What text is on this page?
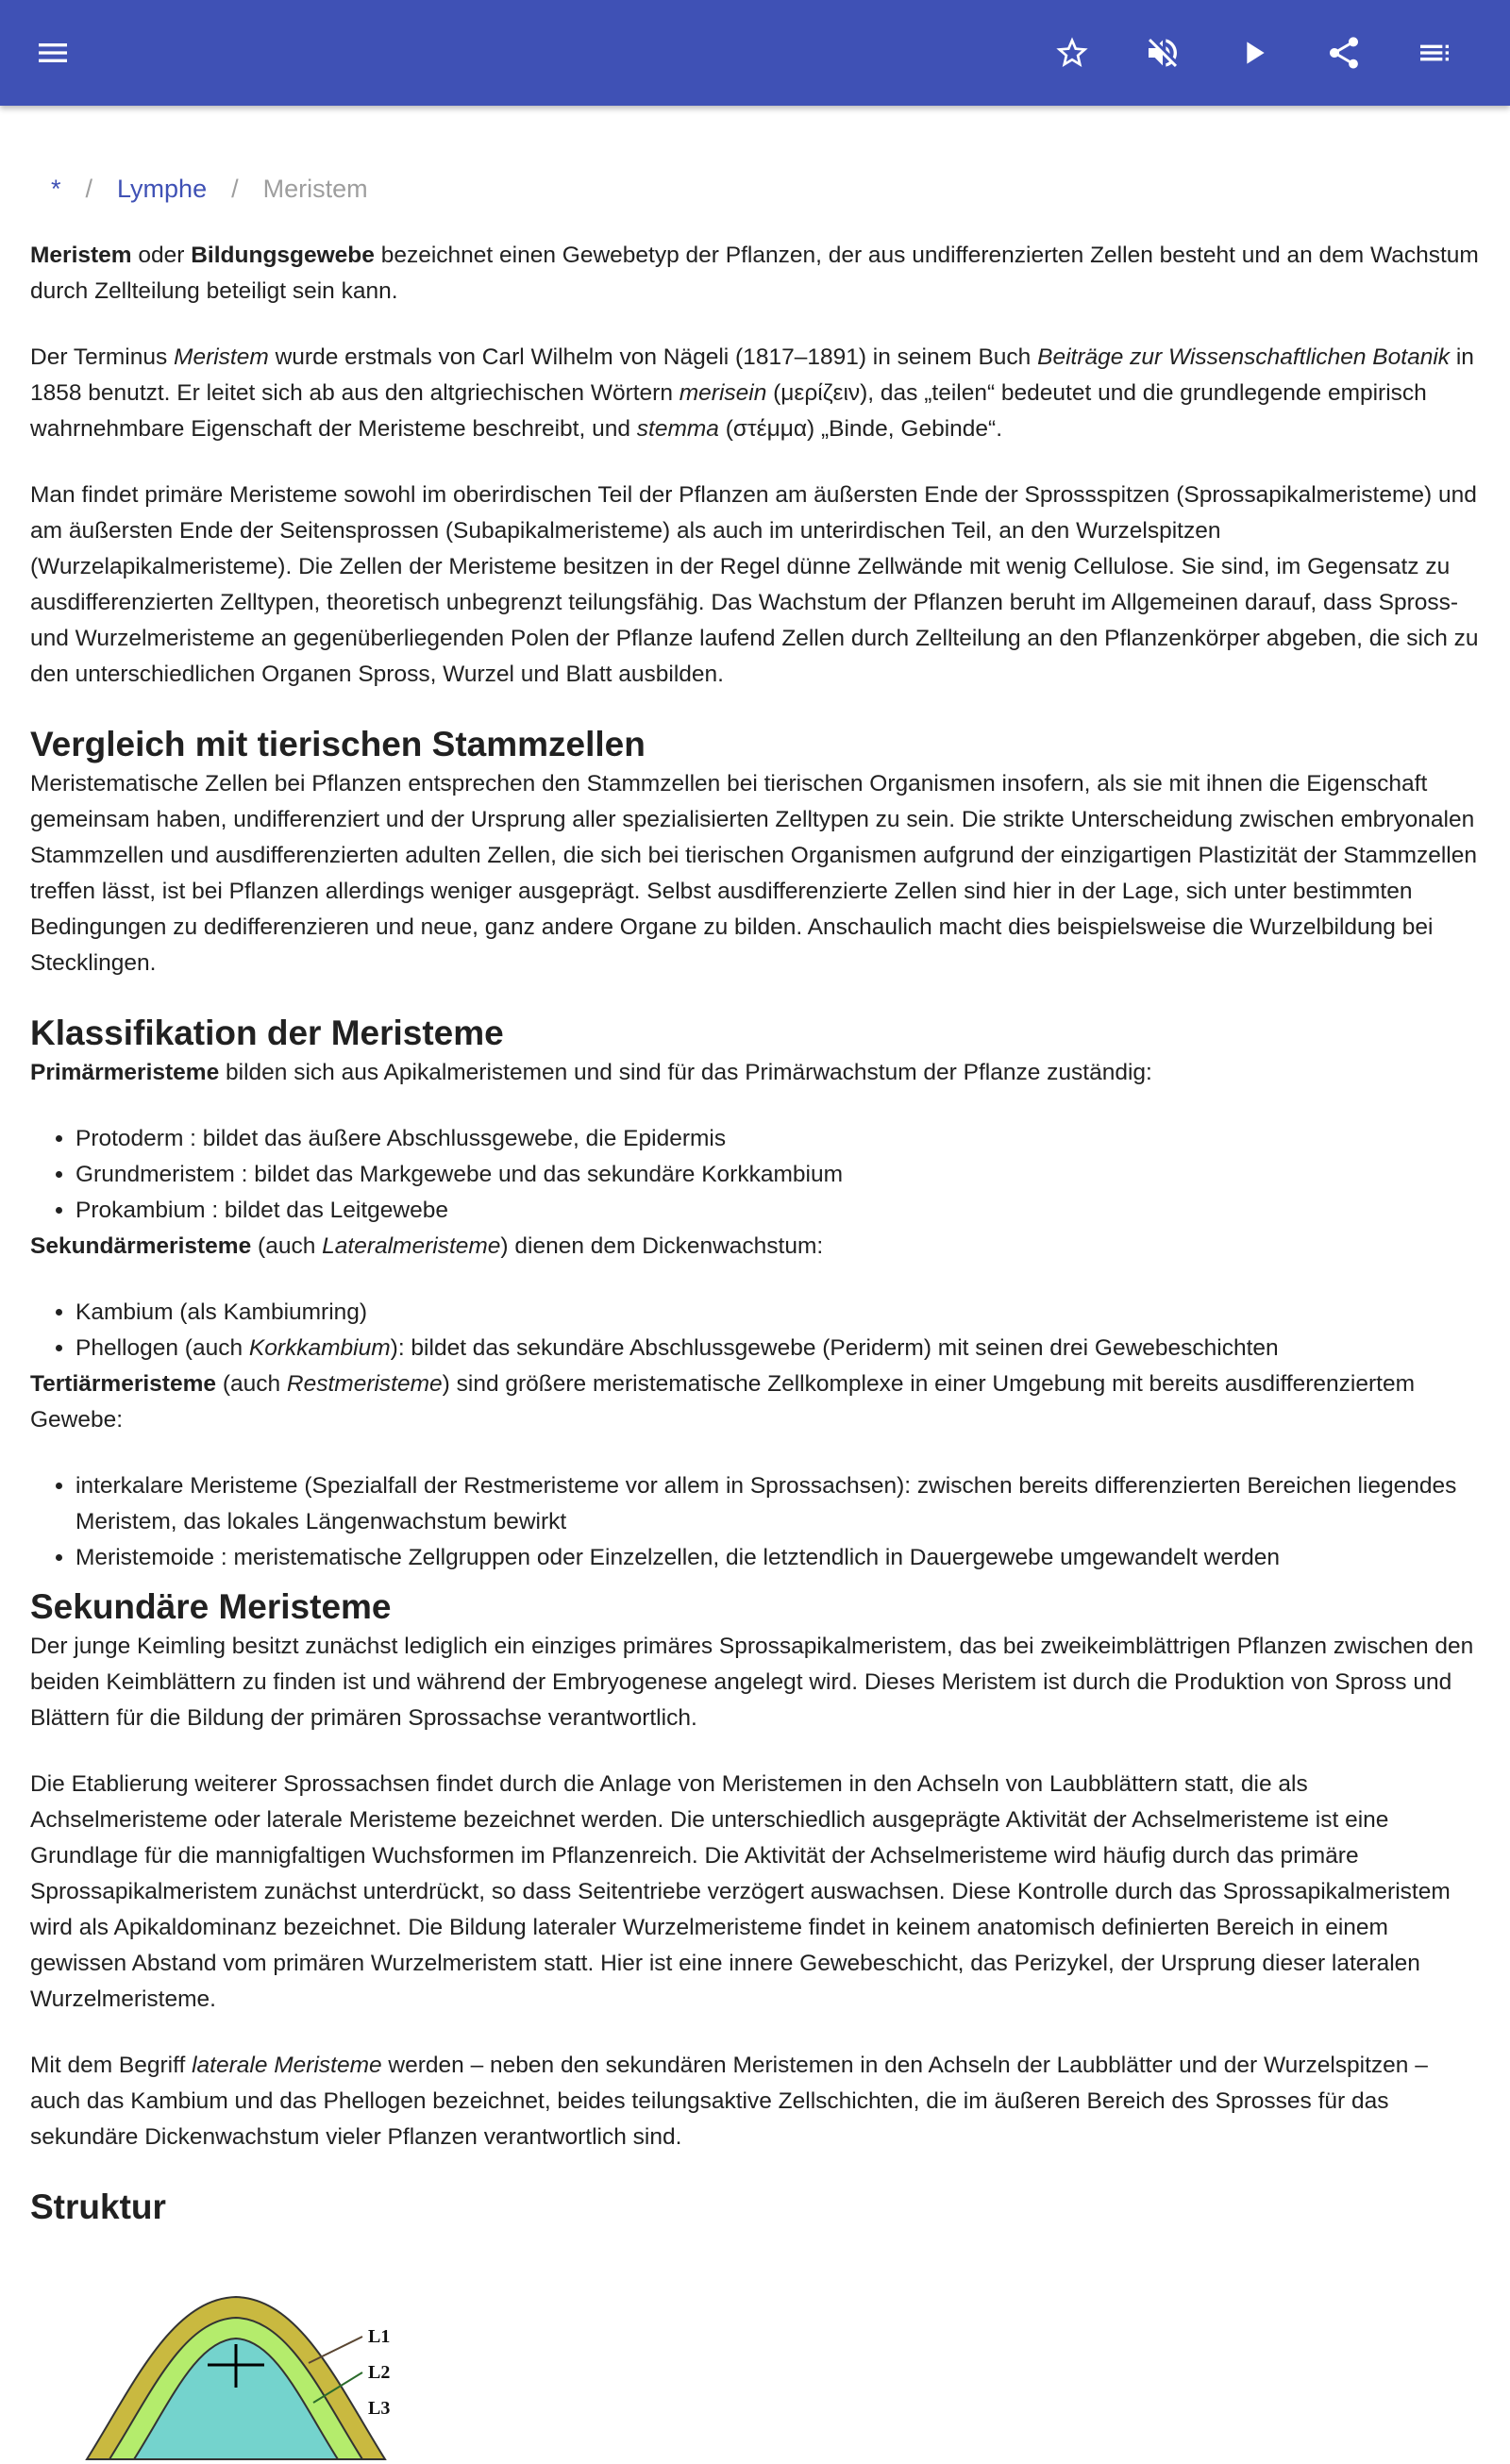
* / Lymphe / Meristem

Meristem oder Bildungsgewebe bezeichnet einen Gewebetyp der Pflanzen, der aus undifferenzierten Zellen besteht und an dem Wachstum durch Zellteilung beteiligt sein kann.

Der Terminus Meristem wurde erstmals von Carl Wilhelm von Nägeli (1817–1891) in seinem Buch Beiträge zur Wissenschaftlichen Botanik in 1858 benutzt. Er leitet sich ab aus den altgriechischen Wörtern merisein (μερίζειν), das „teilen“ bedeutet und die grundlegende empirisch wahrnehmbare Eigenschaft der Meristeme beschreibt, und stemma (στέμμα) „Binde, Gebinde“.

Man findet primäre Meristeme sowohl im oberirdischen Teil der Pflanzen am äußersten Ende der Sprossspitzen (Sprossapikalmeristeme) und am äußersten Ende der Seitensprossen (Subapikalmeristeme) als auch im unterirdischen Teil, an den Wurzelspitzen (Wurzelapikalmeristeme). Die Zellen der Meristeme besitzen in der Regel dünne Zellwände mit wenig Cellulose. Sie sind, im Gegensatz zu ausdifferenzierten Zelltypen, theoretisch unbegrenzt teilungsfähig. Das Wachstum der Pflanzen beruht im Allgemeinen darauf, dass Spross- und Wurzelmeristeme an gegenüberliegenden Polen der Pflanze laufend Zellen durch Zellteilung an den Pflanzenkörper abgeben, die sich zu den unterschiedlichen Organen Spross, Wurzel und Blatt ausbilden.

Vergleich mit tierischen Stammzellen

Meristematische Zellen bei Pflanzen entsprechen den Stammzellen bei tierischen Organismen insofern, als sie mit ihnen die Eigenschaft gemeinsam haben, undifferenziert und der Ursprung aller spezialisierten Zelltypen zu sein. Die strikte Unterscheidung zwischen embryonalen Stammzellen und ausdifferenzierten adulten Zellen, die sich bei tierischen Organismen aufgrund der einzigartigen Plastizität der Stammzellen treffen lässt, ist bei Pflanzen allerdings weniger ausgeprägt. Selbst ausdifferenzierte Zellen sind hier in der Lage, sich unter bestimmten Bedingungen zu dedifferenzieren und neue, ganz andere Organe zu bilden. Anschaulich macht dies beispielsweise die Wurzelbildung bei Stecklingen.

Klassifikation der Meristeme

Primärmeristeme bilden sich aus Apikalmeristemen und sind für das Primärwachstum der Pflanze zuständig:

• Protoderm : bildet das äußere Abschlussgewebe, die Epidermis
• Grundmeristem : bildet das Markgewebe und das sekundäre Korkkambium
• Prokambium : bildet das Leitgewebe

Sekundärmeristeme (auch Lateralmeristeme) dienen dem Dickenwachstum:

• Kambium (als Kambiumring)
• Phellogen (auch Korkkambium): bildet das sekundäre Abschlussgewebe (Periderm) mit seinen drei Gewebeschichten

Tertiärmeristeme (auch Restmeristeme) sind größere meristematische Zellkomplexe in einer Umgebung mit bereits ausdifferenziertem Gewebe:

• interkalare Meristeme (Spezialfall der Restmeristeme vor allem in Sprossachsen): zwischen bereits differenzierten Bereichen liegendes Meristem, das lokales Längenwachstum bewirkt
• Meristemoide : meristematische Zellgruppen oder Einzelzellen, die letztendlich in Dauergewebe umgewandelt werden
Sekundäre Meristeme

Der junge Keimling besitzt zunächst lediglich ein einziges primäres Sprossapikalmeristem, das bei zweikeimblättrigen Pflanzen zwischen den beiden Keimblättern zu finden ist und während der Embryogenese angelegt wird. Dieses Meristem ist durch die Produktion von Spross und Blättern für die Bildung der primären Sprossachse verantwortlich.

Die Etablierung weiterer Sprossachsen findet durch die Anlage von Meristemen in den Achseln von Laubblättern statt, die als Achselmeristeme oder laterale Meristeme bezeichnet werden. Die unterschiedlich ausgeprägte Aktivität der Achselmeristeme ist eine Grundlage für die mannigfaltigen Wuchsformen im Pflanzenreich. Die Aktivität der Achselmeristeme wird häufig durch das primäre Sprossapikalmeristem zunächst unterdrückt, so dass Seitentriebe verzögert auswachsen. Diese Kontrolle durch das Sprossapikalmeristem wird als Apikaldominanz bezeichnet. Die Bildung lateraler Wurzelmeristeme findet in keinem anatomisch definierten Bereich in einem gewissen Abstand vom primären Wurzelmeristem statt. Hier ist eine innere Gewebeschicht, das Perizykel, der Ursprung dieser lateralen Wurzelmeristeme.

Mit dem Begriff laterale Meristeme werden – neben den sekundären Meristemen in den Achseln der Laubblätter und der Wurzelspitzen – auch das Kambium und das Phellogen bezeichnet, beides teilungsaktive Zellschichten, die im äußeren Bereich des Sprosses für das sekundäre Dickenwachstum vieler Pflanzen verantwortlich sind.

Struktur
L1
L2
L3
